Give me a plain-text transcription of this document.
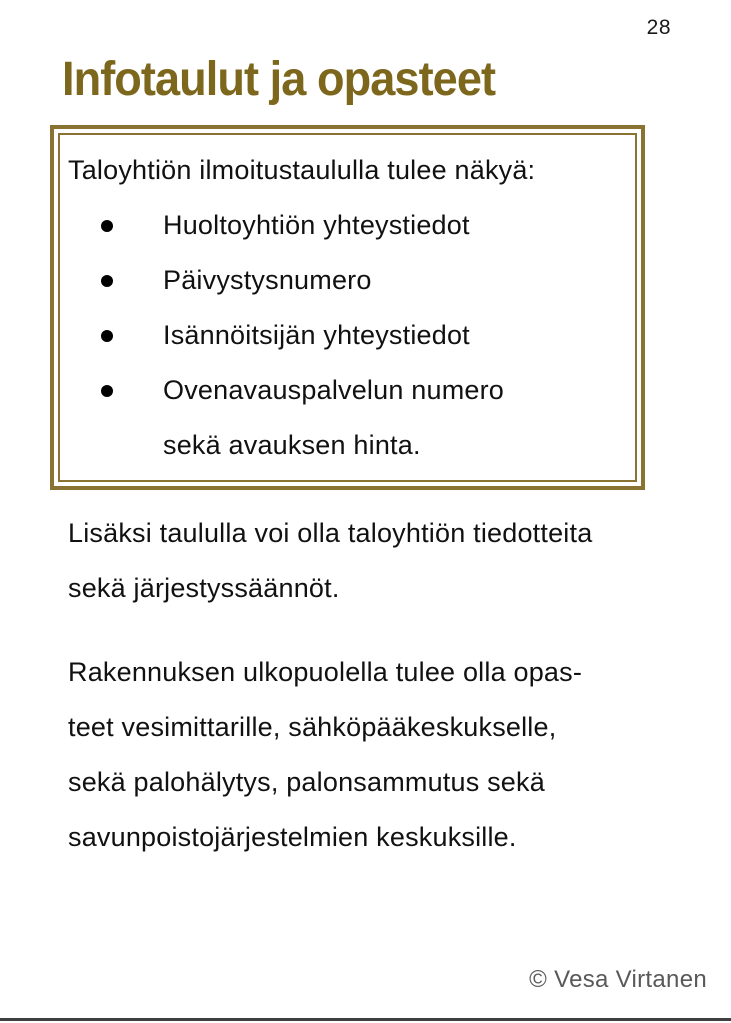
28
Infotaulut ja opasteet
Taloyhtiön ilmoitustaululla tulee näkyä:
Huoltoyhtiön yhteystiedot
Päivystysnumero
Isännöitsijän yhteystiedot
Ovenavauspalvelun numero
sekä avauksen hinta.
Lisäksi taululla voi olla taloyhtiön tiedotteita
sekä järjestyssäännöt.
Rakennuksen ulkopuolella tulee olla opas-
teet vesimittarille, sähköpääkeskukselle,
sekä palohälytys, palonsammutus sekä
savunpoistojärjestelmien keskuksille.
© Vesa Virtanen
